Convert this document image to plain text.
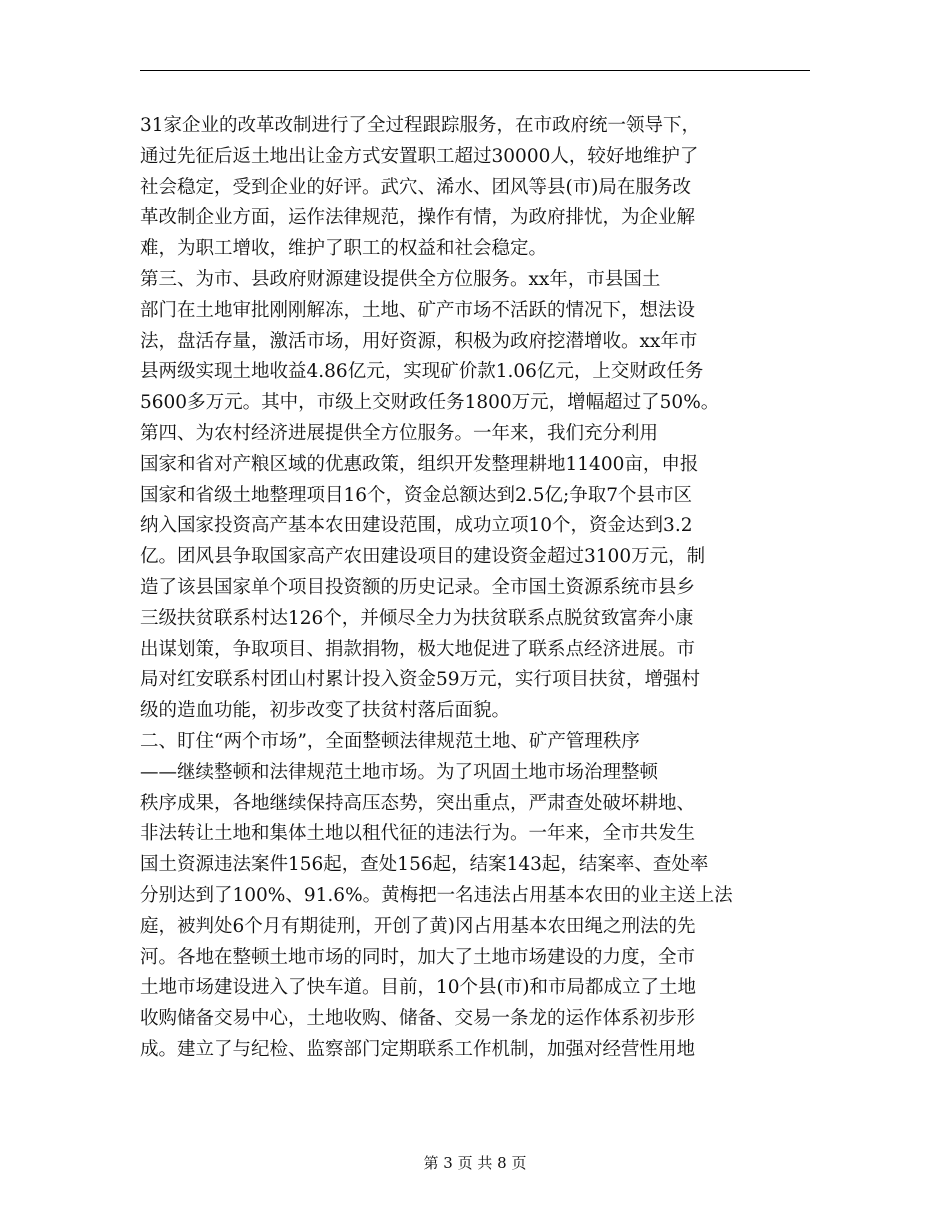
31家企业的改革改制进行了全过程跟踪服务，在市政府统一领导下，
通过先征后返土地出让金方式安置职工超过30000人，较好地维护了
社会稳定，受到企业的好评。武穴、浠水、团风等县(市)局在服务改
革改制企业方面，运作法律规范，操作有情，为政府排忧，为企业解
难，为职工增收，维护了职工的权益和社会稳定。
第三、为市、县政府财源建设提供全方位服务。xx年，市县国土
部门在土地审批刚刚解冻，土地、矿产市场不活跃的情况下，想法设
法，盘活存量，激活市场，用好资源，积极为政府挖潜增收。xx年市
县两级实现土地收益4.86亿元，实现矿价款1.06亿元，上交财政任务
5600多万元。其中，市级上交财政任务1800万元，增幅超过了50%。
第四、为农村经济进展提供全方位服务。一年来，我们充分利用
国家和省对产粮区域的优惠政策，组织开发整理耕地11400亩，申报
国家和省级土地整理项目16个，资金总额达到2.5亿;争取7个县市区
纳入国家投资高产基本农田建设范围，成功立项10个，资金达到3.2
亿。团风县争取国家高产农田建设项目的建设资金超过3100万元，制
造了该县国家单个项目投资额的历史记录。全市国土资源系统市县乡
三级扶贫联系村达126个，并倾尽全力为扶贫联系点脱贫致富奔小康
出谋划策，争取项目、捐款捐物，极大地促进了联系点经济进展。市
局对红安联系村团山村累计投入资金59万元，实行项目扶贫，增强村
级的造血功能，初步改变了扶贫村落后面貌。
二、盯住“两个市场”，全面整顿法律规范土地、矿产管理秩序
——继续整顿和法律规范土地市场。为了巩固土地市场治理整顿
秩序成果，各地继续保持高压态势，突出重点，严肃查处破坏耕地、
非法转让土地和集体土地以租代征的违法行为。一年来，全市共发生
国土资源违法案件156起，查处156起，结案143起，结案率、查处率
分别达到了100%、91.6%。黄梅把一名违法占用基本农田的业主送上法
庭，被判处6个月有期徒刑，开创了黄)冈占用基本农田绳之刑法的先
河。各地在整顿土地市场的同时，加大了土地市场建设的力度，全市
土地市场建设进入了快车道。目前，10个县(市)和市局都成立了土地
收购储备交易中心，土地收购、储备、交易一条龙的运作体系初步形
成。建立了与纪检、监察部门定期联系工作机制，加强对经营性用地
第 3 页 共 8 页
